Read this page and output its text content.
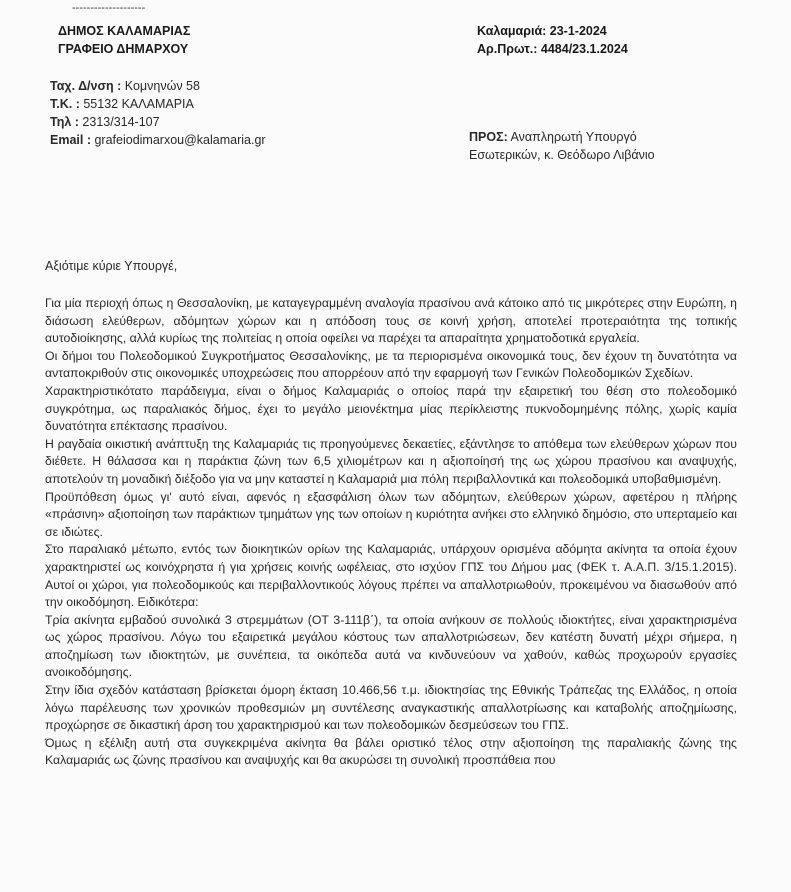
--------------------
ΔΗΜΟΣ ΚΑΛΑΜΑΡΙΑΣ
ΓΡΑΦΕΙΟ ΔΗΜΑΡΧΟΥ
Καλαμαριά: 23-1-2024
Αρ.Πρωτ.: 4484/23.1.2024
Ταχ. Δ/νση : Κομνηνών 58
Τ.Κ. : 55132 ΚΑΛΑΜΑΡΙΑ
Τηλ : 2313/314-107
Email : grafeiodimarxou@kalamaria.gr	ΠΡΟΣ: Αναπληρωτή Υπουργό
Εσωτερικών, κ. Θεόδωρο Λιβάνιο
Αξιότιμε κύριε Υπουργέ,

Για μία περιοχή όπως η Θεσσαλονίκη, με καταγεγραμμένη αναλογία πρασίνου ανά κάτοικο από τις μικρότερες στην Ευρώπη, η διάσωση ελεύθερων, αδόμητων χώρων και η απόδοση τους σε κοινή χρήση, αποτελεί προτεραιότητα της τοπικής αυτοδιοίκησης, αλλά κυρίως της πολιτείας η οποία οφείλει να παρέχει τα απαραίτητα χρηματοδοτικά εργαλεία.

Οι δήμοι του Πολεοδομικού Συγκροτήματος Θεσσαλονίκης, με τα περιορισμένα οικονομικά τους, δεν έχουν τη δυνατότητα να ανταποκριθούν στις οικονομικές υποχρεώσεις που απορρέουν από την εφαρμογή των Γενικών Πολεοδομικών Σχεδίων.

Χαρακτηριστικότατο παράδειγμα, είναι ο δήμος Καλαμαριάς ο οποίος παρά την εξαιρετική του θέση στο πολεοδομικό συγκρότημα, ως παραλιακός δήμος, έχει το μεγάλο μειονέκτημα μίας περίκλειστης πυκνοδομημένης πόλης, χωρίς καμία δυνατότητα επέκτασης πρασίνου.

Η ραγδαία οικιστική ανάπτυξη της Καλαμαριάς τις προηγούμενες δεκαετίες, εξάντλησε το απόθεμα των ελεύθερων χώρων που διέθετε. Η θάλασσα και η παράκτια ζώνη των 6,5 χιλιομέτρων και η αξιοποίησή της ως χώρου πρασίνου και αναψυχής, αποτελούν τη μοναδική διέξοδο για να μην καταστεί η Καλαμαριά μια πόλη περιβαλλοντικά και πολεοδομικά υποβαθμισμένη.

Προϋπόθεση όμως γι' αυτό είναι, αφενός η εξασφάλιση όλων των αδόμητων, ελεύθερων χώρων, αφετέρου η πλήρης «πράσινη» αξιοποίηση των παράκτιων τμημάτων γης των οποίων η κυριότητα ανήκει στο ελληνικό δημόσιο, στο υπερταμείο και σε ιδιώτες.

Στο παραλιακό μέτωπο, εντός των διοικητικών ορίων της Καλαμαριάς, υπάρχουν ορισμένα αδόμητα ακίνητα τα οποία έχουν χαρακτηριστεί ως κοινόχρηστα ή για χρήσεις κοινής ωφέλειας, στο ισχύον ΓΠΣ του Δήμου μας (ΦΕΚ τ. Α.Α.Π. 3/15.1.2015). Αυτοί οι χώροι, για πολεοδομικούς και περιβαλλοντικούς λόγους πρέπει να απαλλοτριωθούν, προκειμένου να διασωθούν από την οικοδόμηση. Ειδικότερα:

Τρία ακίνητα εμβαδού συνολικά 3 στρεμμάτων (ΟΤ 3-111β΄), τα οποία ανήκουν σε πολλούς ιδιοκτήτες, είναι χαρακτηρισμένα ως χώρος πρασίνου. Λόγω του εξαιρετικά μεγάλου κόστους των απαλλοτριώσεων, δεν κατέστη δυνατή μέχρι σήμερα, η αποζημίωση των ιδιοκτητών, με συνέπεια, τα οικόπεδα αυτά να κινδυνεύουν να χαθούν, καθώς προχωρούν εργασίες ανοικοδόμησης.

Στην ίδια σχεδόν κατάσταση βρίσκεται όμορη έκταση 10.466,56 τ.μ. ιδιοκτησίας της Εθνικής Τράπεζας της Ελλάδος, η οποία λόγω παρέλευσης των χρονικών προθεσμιών μη συντέλεσης αναγκαστικής απαλλοτρίωσης και καταβολής αποζημίωσης, προχώρησε σε δικαστική άρση του χαρακτηρισμού και των πολεοδομικών δεσμεύσεων του ΓΠΣ.

Όμως η εξέλιξη αυτή στα συγκεκριμένα ακίνητα θα βάλει οριστικό τέλος στην αξιοποίηση της παραλιακής ζώνης της Καλαμαριάς ως ζώνης πρασίνου και αναψυχής και θα ακυρώσει τη συνολική προσπάθεια που
